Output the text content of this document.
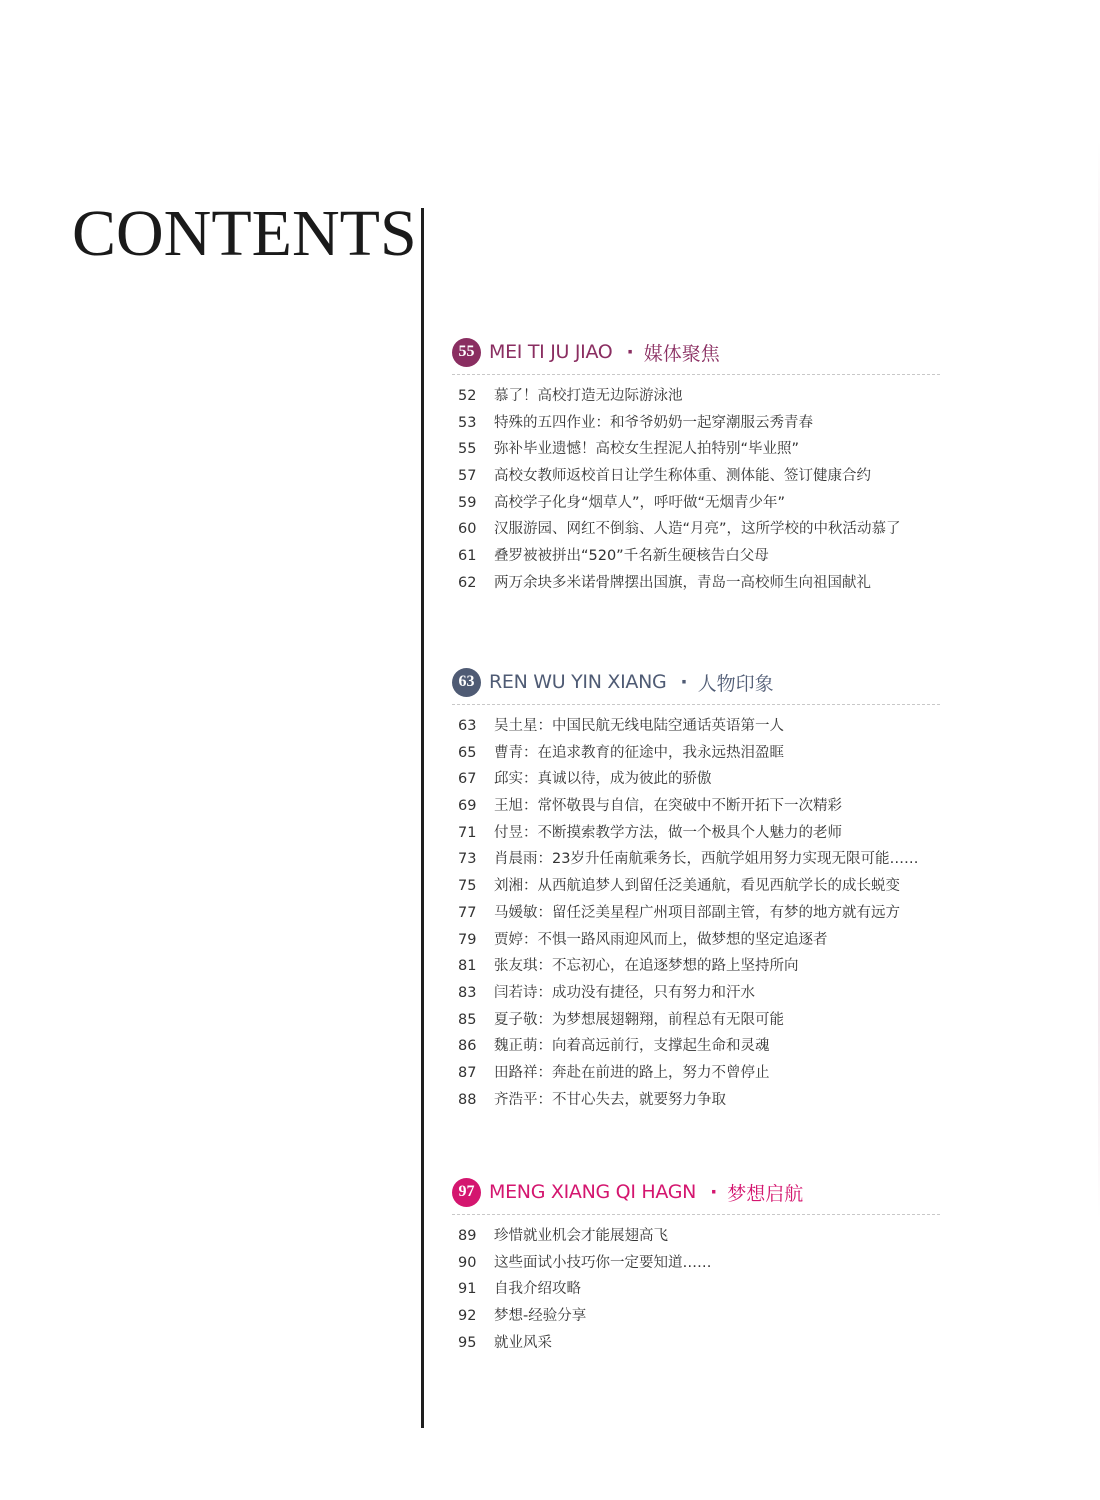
CONTENTS
55 MEI TI JU JIAO · 媒体聚焦
52 慕了！高校打造无边际游泳池
53 特殊的五四作业：和爷爷奶奶一起穿潮服云秀青春
55 弥补毕业遗憾！高校女生捏泥人拍特别“毕业照”
57 高校女教师返校首日让学生称体重、测体能、签订健康合约
59 高校学子化身“烟草人”，呼吁做“无烟青少年”
60 汉服游园、网红不倒翁、人造“月亮”，这所学校的中秋活动慕了
61 叠罗被被拼出“520”千名新生硬核告白父母
62 两万余块多米诺骨牌摆出国旗，青岛一高校师生向祖国献礼
63 REN WU YIN XIANG · 人物印象
63 吴土星：中国民航无线电陆空通话英语第一人
65 曹青：在追求教育的征途中，我永远热泪盈眶
67 邱实：真诚以待，成为彼此的骄傲
69 王旭：常怀敬畏与自信，在突破中不断开拓下一次精彩
71 付昱：不断摸索教学方法，做一个极具个人魅力的老师
73 肖晨雨：23岁升任南航乘务长，西航学姐用努力实现无限可能……
75 刘湘：从西航追梦人到留任泛美通航，看见西航学长的成长蜕变
77 马媛敏：留任泛美星程广州项目部副主管，有梦的地方就有远方
79 贾婷：不惧一路风雨迎风而上，做梦想的坚定追逐者
81 张友琪：不忘初心，在追逐梦想的路上坚持所向
83 闫若诗：成功没有捷径，只有努力和汗水
85 夏子敬：为梦想展翅翱翔，前程总有无限可能
86 魏正萌：向着高远前行，支撑起生命和灵魂
87 田路祥：奔赴在前进的路上，努力不曾停止
88 齐浩平：不甘心失去，就要努力争取
97 MENG XIANG QI HAGN · 梦想启航
89 珍惜就业机会才能展翅高飞
90 这些面试小技巧你一定要知道……
91 自我介绍攻略
92 梦想-经验分享
95 就业风采
